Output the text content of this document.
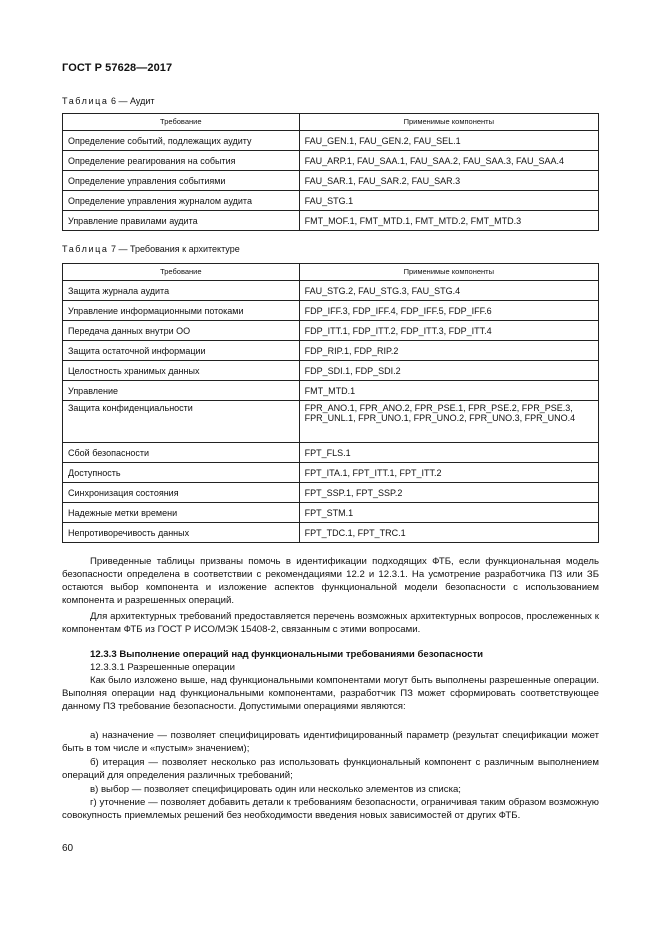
ГОСТ Р 57628—2017
Таблица 6 — Аудит
Требование	Применимые компоненты
Определение событий, подлежащих аудиту	FAU_GEN.1, FAU_GEN.2, FAU_SEL.1
Определение реагирования на события	FAU_ARP.1, FAU_SAA.1, FAU_SAA.2, FAU_SAA.3, FAU_SAA.4
Определение управления событиями	FAU_SAR.1, FAU_SAR.2, FAU_SAR.3
Определение управления журналом аудита	FAU_STG.1
Управление правилами аудита	FMT_MOF.1, FMT_MTD.1, FMT_MTD.2, FMT_MTD.3
Таблица 7 — Требования к архитектуре
Требование	Применимые компоненты
Защита журнала аудита	FAU_STG.2, FAU_STG.3, FAU_STG.4
Управление информационными потоками	FDP_IFF.3, FDP_IFF.4, FDP_IFF.5, FDP_IFF.6
Передача данных внутри ОО	FDP_ITT.1, FDP_ITT.2, FDP_ITT.3, FDP_ITT.4
Защита остаточной информации	FDP_RIP.1, FDP_RIP.2
Целостность хранимых данных	FDP_SDI.1, FDP_SDI.2
Управление	FMT_MTD.1
Защита конфиденциальности	FPR_ANO.1, FPR_ANO.2, FPR_PSE.1, FPR_PSE.2, FPR_PSE.3, FPR_UNL.1, FPR_UNO.1, FPR_UNO.2, FPR_UNO.3, FPR_UNO.4
Сбой безопасности	FPT_FLS.1
Доступность	FPT_ITA.1, FPT_ITT.1, FPT_ITT.2
Синхронизация состояния	FPT_SSP.1, FPT_SSP.2
Надежные метки времени	FPT_STM.1
Непротиворечивость данных	FPT_TDC.1, FPT_TRC.1
Приведенные таблицы призваны помочь в идентификации подходящих ФТБ, если функциональная модель безопасности определена в соответствии с рекомендациями 12.2 и 12.3.1. На усмотрение разработчика ПЗ или ЗБ остаются выбор компонента и изложение аспектов функциональной модели безопасности с использованием компонента и разрешенных операций.
Для архитектурных требований предоставляется перечень возможных архитектурных вопросов, прослеженных к компонентам ФТБ из ГОСТ Р ИСО/МЭК 15408-2, связанным с этими вопросами.
12.3.3 Выполнение операций над функциональными требованиями безопасности
12.3.3.1 Разрешенные операции
Как было изложено выше, над функциональными компонентами могут быть выполнены разрешенные операции. Выполняя операции над функциональными компонентами, разработчик ПЗ может сформировать соответствующее данному ПЗ требование безопасности. Допустимыми операциями являются:
а) назначение — позволяет специфицировать идентифицированный параметр (результат спецификации может быть в том числе и «пустым» значением);
б) итерация — позволяет несколько раз использовать функциональный компонент с различным выполнением операций для определения различных требований;
в) выбор — позволяет специфицировать один или несколько элементов из списка;
г) уточнение — позволяет добавить детали к требованиям безопасности, ограничивая таким образом возможную совокупность приемлемых решений без необходимости введения новых зависимостей от других ФТБ.
60
